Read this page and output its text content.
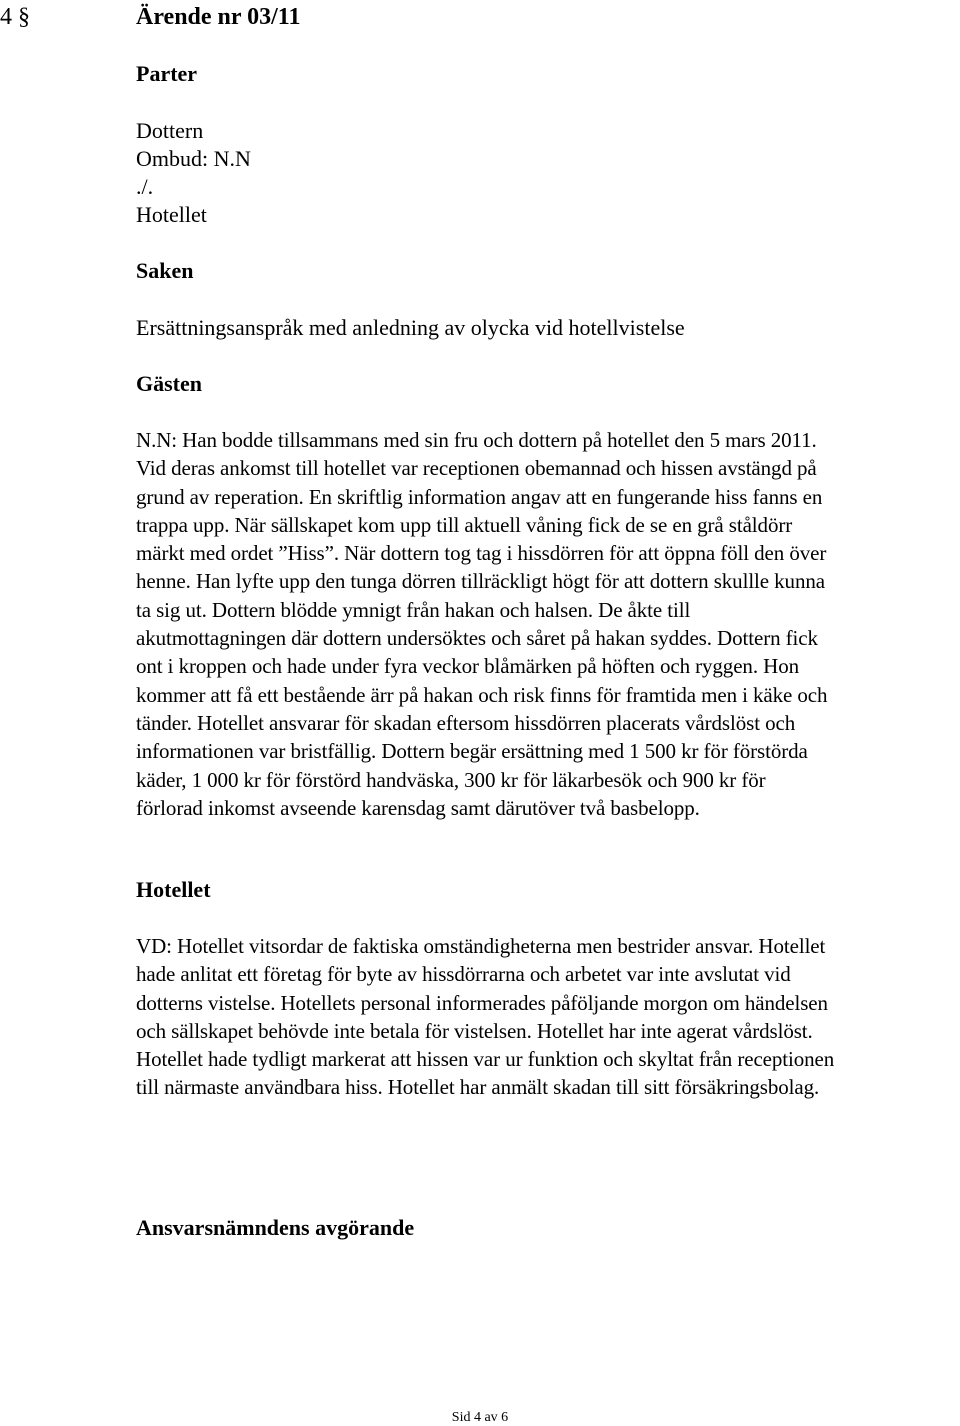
4 §	Ärende nr 03/11
Parter
Dottern
Ombud: N.N
./.
Hotellet
Saken
Ersättningsanspråk med anledning av olycka vid hotellvistelse
Gästen

N.N: Han bodde tillsammans med sin fru och dottern på hotellet den 5 mars 2011.
Vid deras ankomst till hotellet var receptionen obemannad och hissen avstängd på
grund av reperation. En skriftlig information angav att en fungerande hiss fanns en
trappa upp. När sällskapet kom upp till aktuell våning fick de se en grå ståldörr
märkt med ordet ”Hiss”. När dottern tog tag i hissdörren för att öppna föll den över
henne. Han lyfte upp den tunga dörren tillräckligt högt för att dottern skullle kunna
ta sig ut. Dottern blödde ymnigt från hakan och halsen. De åkte till
akutmottagningen där dottern undersöktes och såret på hakan syddes. Dottern fick
ont i kroppen och hade under fyra veckor blåmärken på höften och ryggen. Hon
kommer att få ett bestående ärr på hakan och risk finns för framtida men i käke och
tänder. Hotellet ansvarar för skadan eftersom hissdörren placerats vårdslöst och
informationen var bristfällig. Dottern begär ersättning med 1 500 kr för förstörda
käder, 1 000 kr för förstörd handväska, 300 kr för läkarbesök och 900 kr för
förlorad inkomst avseende karensdag samt därutöver två basbelopp.

Hotellet

VD: Hotellet vitsordar de faktiska omständigheterna men bestrider ansvar. Hotellet
hade anlitat ett företag för byte av hissdörrarna och arbetet var inte avslutat vid
dotterns vistelse. Hotellets personal informerades påföljande morgon om händelsen
och sällskapet behövde inte betala för vistelsen. Hotellet har inte agerat vårdslöst.
Hotellet hade tydligt markerat att hissen var ur funktion och skyltat från receptionen
till närmaste användbara hiss. Hotellet har anmält skadan till sitt försäkringsbolag.

Ansvarsnämndens avgörande
Sid 4 av 6
